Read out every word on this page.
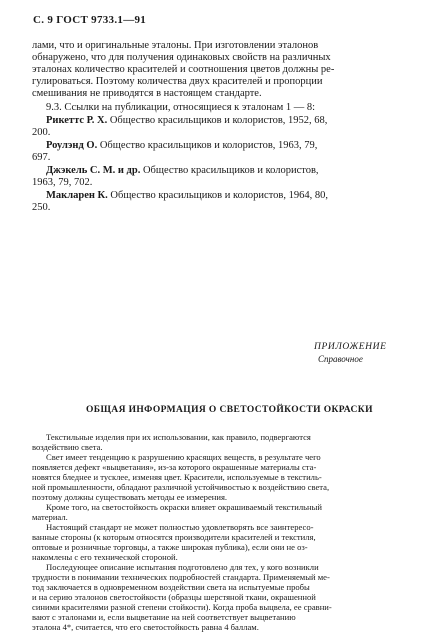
С. 9 ГОСТ 9733.1—91
лами, что и оригинальные эталоны. При изготовлении эталонов
обнаружено, что для получения одинаковых свойств на различных
эталонах количество красителей и соотношения цветов должны ре-
гулироваться. Поэтому количества двух красителей и пропорции
смешивания не приводятся в настоящем стандарте.
9.3. Ссылки на публикации, относящиеся к эталонам 1 — 8:
Рикеттс Р. Х. Общество красильщиков и колористов, 1952, 68,
200.
Роулэнд О. Общество красильщиков и колористов, 1963, 79,
697.
Джэкель С. М. и др. Общество красильщиков и колористов,
1963, 79, 702.
Макларен К. Общество красильщиков и колористов, 1964, 80,
250.
ПРИЛОЖЕНИЕ
Справочное
ОБЩАЯ ИНФОРМАЦИЯ О СВЕТОСТОЙКОСТИ ОКРАСКИ
Текстильные изделия при их использовании, как правило, подвергаются
воздействию света.
Свет имеет тенденцию к разрушению красящих веществ, в результате чего
появляется дефект «выцветания», из-за которого окрашенные материалы ста-
новятся бледнее и тусклее, изменяя цвет. Красители, используемые в текстиль-
ной промышленности, обладают различной устойчивостью к воздействию света,
поэтому должны существовать методы ее измерения.
Кроме того, на светостойкость окраски влияет окрашиваемый текстильный
материал.
Настоящий стандарт не может полностью удовлетворять все заинтересо-
ванные стороны (к которым относятся производители красителей и текстиля,
оптовые и розничные торговцы, а также широкая публика), если они не оз-
накомлены с его технической стороной.
Последующее описание испытания подготовлено для тех, у кого возникли
трудности в понимании технических подробностей стандарта. Применяемый ме-
тод заключается в одновременном воздействии света на испытуемые пробы
и на серию эталонов светостойкости (образцы шерстяной ткани, окрашенной
синими красителями разной степени стойкости). Когда проба выцвела, ее сравни-
вают с эталонами и, если выцветание на ней соответствует выцветанию
эталона 4*, считается, что его светостойкость равна 4 баллам.
